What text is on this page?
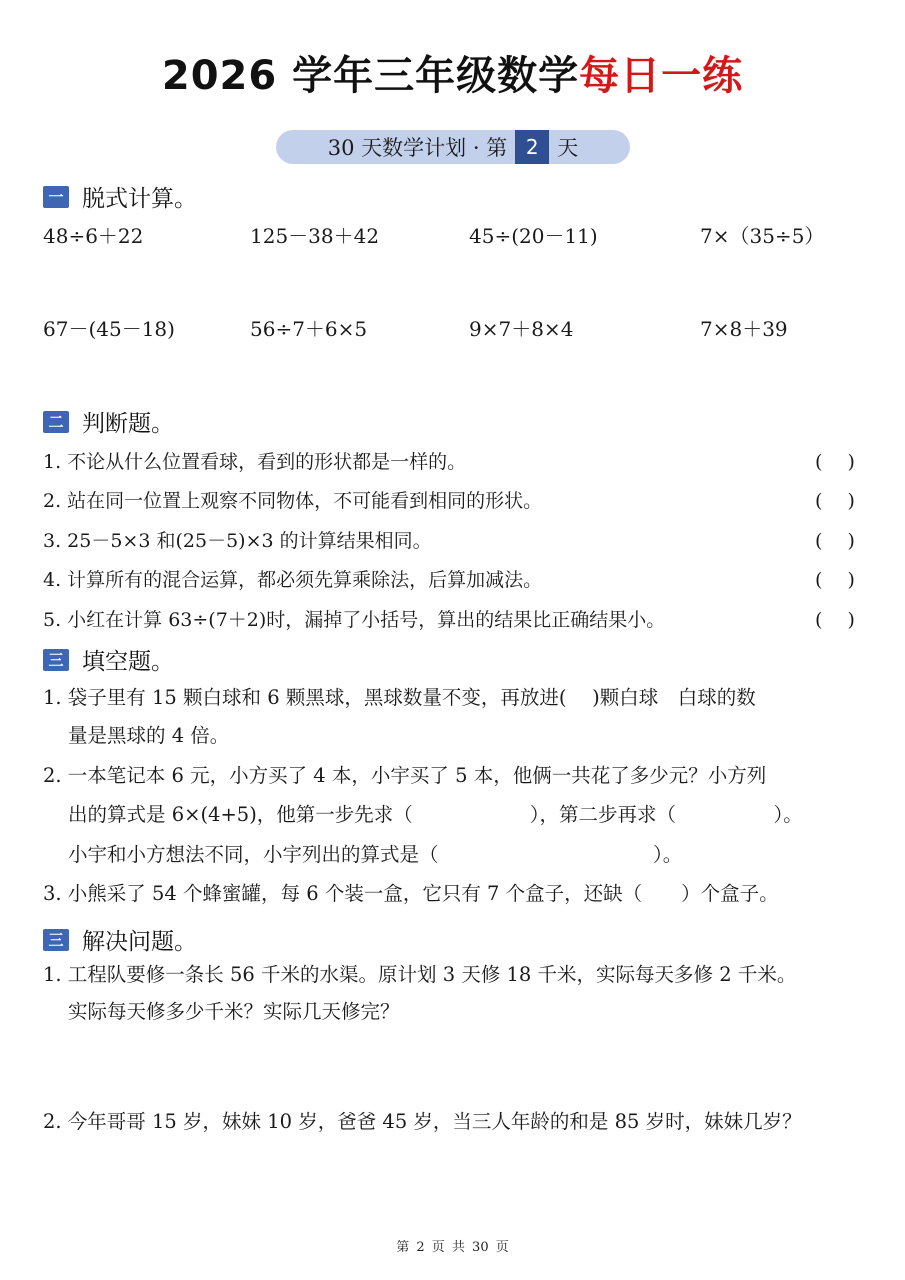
2026 学年三年级数学每日一练
30 天数学计划 · 第 2 天
一 脱式计算。
48÷6＋22	125－38＋42	45÷(20－11)	7×（35÷5）
67－(45－18)	56÷7＋6×5	9×7＋8×4	7×8＋39
二 判断题。
1. 不论从什么位置看球，看到的形状都是一样的。	(　 )
2. 站在同一位置上观察不同物体，不可能看到相同的形状。	(　 )
3. 25－5×3 和(25－5)×3 的计算结果相同。	(　 )
4. 计算所有的混合运算，都必须先算乘除法，后算加减法。	(　 )
5. 小红在计算 63÷(7＋2)时，漏掉了小括号，算出的结果比正确结果小。	(　 )
三 填空题。
1. 袋子里有 15 颗白球和 6 颗黑球，黑球数量不变，再放进(　 )颗白球　白球的数
量是黑球的 4 倍。
2. 一本笔记本 6 元，小方买了 4 本，小宇买了 5 本，他俩一共花了多少元？小方列
出的算式是 6×(4+5)，他第一步先求（　　　　　　），第二步再求（　　　　　）。
小宇和小方想法不同，小宇列出的算式是（　　　　　　　　　　　）。
3. 小熊采了 54 个蜂蜜罐，每 6 个装一盒，它只有 7 个盒子，还缺（　　）个盒子。
三 解决问题。
1. 工程队要修一条长 56 千米的水渠。原计划 3 天修 18 千米，实际每天多修 2 千米。
实际每天修多少千米？实际几天修完？
2. 今年哥哥 15 岁，妹妹 10 岁，爸爸 45 岁，当三人年龄的和是 85 岁时，妹妹几岁？
第 2 页 共 30 页
